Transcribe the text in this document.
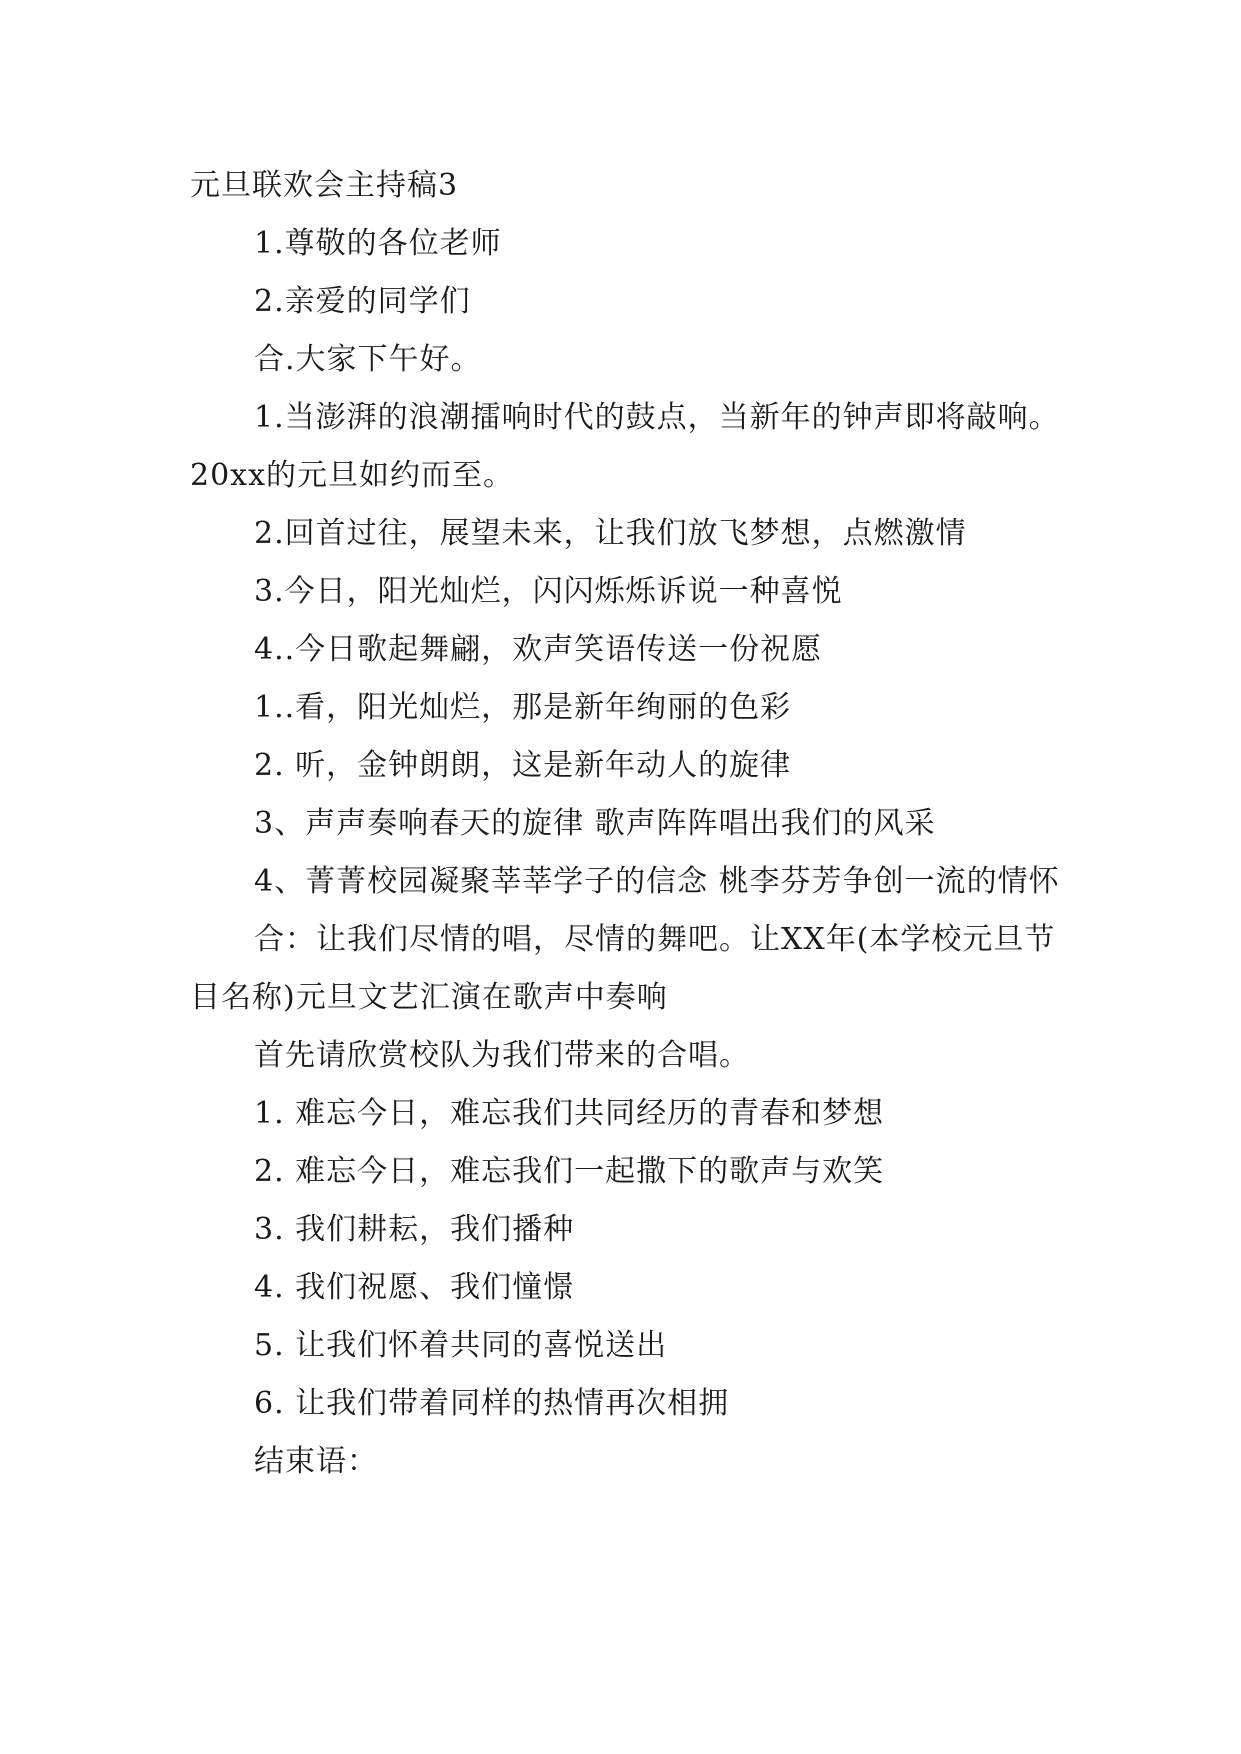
元旦联欢会主持稿3

1.尊敬的各位老师

2.亲爱的同学们

合.大家下午好。

1.当澎湃的浪潮擂响时代的鼓点，当新年的钟声即将敲响。20xx的元旦如约而至。

2.回首过往，展望未来，让我们放飞梦想，点燃激情

3.今日，阳光灿烂，闪闪烁烁诉说一种喜悦

4..今日歌起舞翩，欢声笑语传送一份祝愿

1..看，阳光灿烂，那是新年绚丽的色彩

2. 听，金钟朗朗，这是新年动人的旋律

3、声声奏响春天的旋律 歌声阵阵唱出我们的风采

4、菁菁校园凝聚莘莘学子的信念 桃李芬芳争创一流的情怀

合：让我们尽情的唱，尽情的舞吧。让XX年(本学校元旦节目名称)元旦文艺汇演在歌声中奏响

首先请欣赏校队为我们带来的合唱。

1. 难忘今日，难忘我们共同经历的青春和梦想

2. 难忘今日，难忘我们一起撒下的歌声与欢笑

3. 我们耕耘，我们播种

4. 我们祝愿、我们憧憬

5. 让我们怀着共同的喜悦送出

6. 让我们带着同样的热情再次相拥

结束语：
